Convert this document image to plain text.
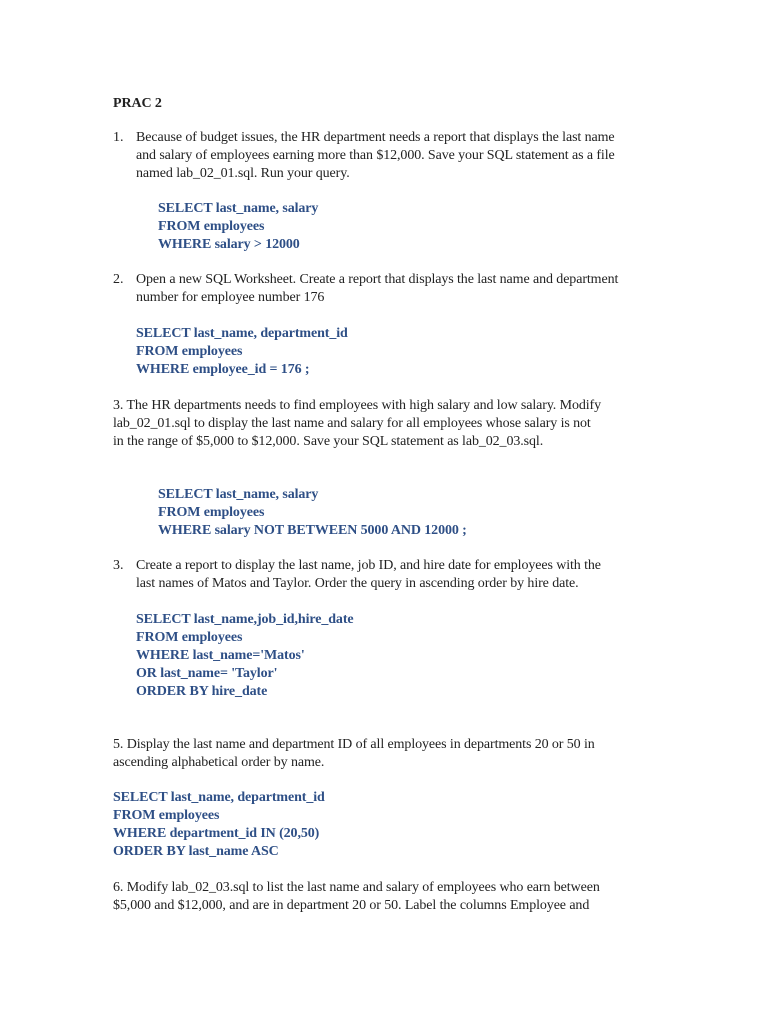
PRAC 2
1. Because of budget issues, the HR department needs a report that displays the last name
and salary of employees earning more than $12,000. Save your SQL statement as a file
named lab_02_01.sql. Run your query.
SELECT last_name, salary
FROM employees
WHERE salary > 12000
2. Open a new SQL Worksheet. Create a report that displays the last name and department
number for employee number 176
SELECT last_name, department_id
FROM employees
WHERE employee_id = 176 ;
3. The HR departments needs to find employees with high salary and low salary. Modify
lab_02_01.sql to display the last name and salary for all employees whose salary is not
in the range of $5,000 to $12,000. Save your SQL statement as lab_02_03.sql.
SELECT last_name, salary
FROM employees
WHERE salary NOT BETWEEN 5000 AND 12000 ;
3. Create a report to display the last name, job ID, and hire date for employees with the
last names of Matos and Taylor. Order the query in ascending order by hire date.
SELECT last_name,job_id,hire_date
FROM employees
WHERE last_name='Matos'
OR last_name= 'Taylor'
ORDER BY hire_date
5. Display the last name and department ID of all employees in departments 20 or 50 in
ascending alphabetical order by name.
SELECT last_name, department_id
FROM employees
WHERE department_id IN (20,50)
ORDER BY last_name ASC
6. Modify lab_02_03.sql to list the last name and salary of employees who earn between
$5,000 and $12,000, and are in department 20 or 50. Label the columns Employee and
